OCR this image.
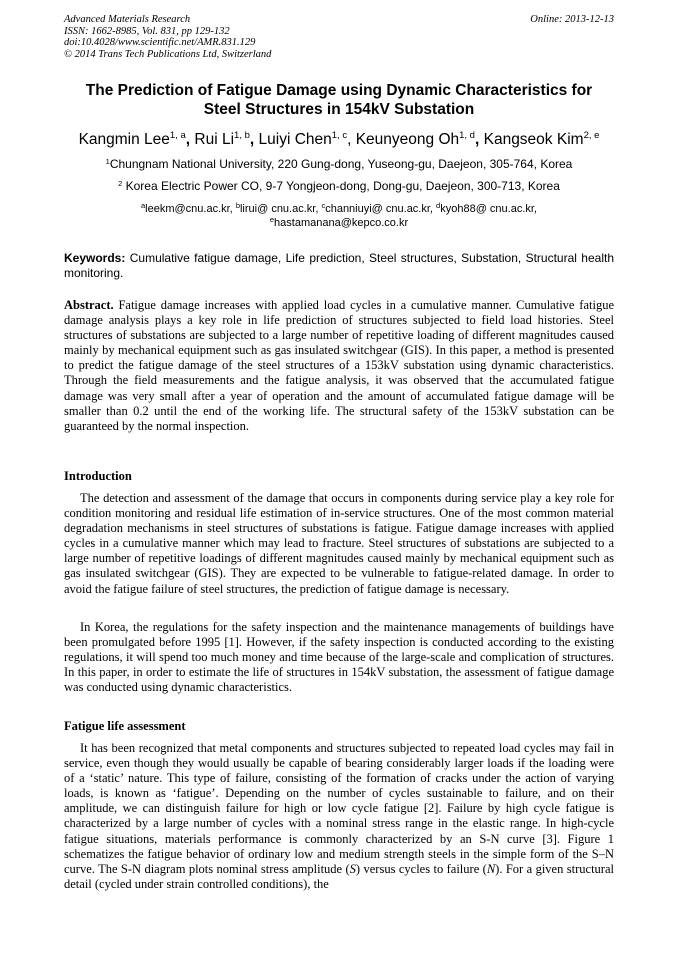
Advanced Materials Research
ISSN: 1662-8985, Vol. 831, pp 129-132
doi:10.4028/www.scientific.net/AMR.831.129
© 2014 Trans Tech Publications Ltd, Switzerland
Online: 2013-12-13
The Prediction of Fatigue Damage using Dynamic Characteristics for
Steel Structures in 154kV Substation
Kangmin Lee$^{1, a}$, Rui Li$^{1, b}$, Luiyi Chen$^{1, c}$, Keunyeong Oh$^{1, d}$, Kangseok Kim$^{2, e}$
$^1$Chungnam National University, 220 Gung-dong, Yuseong-gu, Daejeon, 305-764, Korea
$^2$ Korea Electric Power CO, 9-7 Yongjeon-dong, Dong-gu, Daejeon, 300-713, Korea
$^a$leekm@cnu.ac.kr, $^b$lirui@ cnu.ac.kr, $^c$channiuyi@ cnu.ac.kr, $^d$kyoh88@ cnu.ac.kr,
$^e$hastamanana@kepco.co.kr
Keywords: Cumulative fatigue damage, Life prediction, Steel structures, Substation, Structural health monitoring.
Abstract. Fatigue damage increases with applied load cycles in a cumulative manner. Cumulative fatigue damage analysis plays a key role in life prediction of structures subjected to field load histories. Steel structures of substations are subjected to a large number of repetitive loading of different magnitudes caused mainly by mechanical equipment such as gas insulated switchgear (GIS). In this paper, a method is presented to predict the fatigue damage of the steel structures of a 153kV substation using dynamic characteristics. Through the field measurements and the fatigue analysis, it was observed that the accumulated fatigue damage was very small after a year of operation and the amount of accumulated fatigue damage will be smaller than 0.2 until the end of the working life. The structural safety of the 153kV substation can be guaranteed by the normal inspection.
Introduction
The detection and assessment of the damage that occurs in components during service play a key role for condition monitoring and residual life estimation of in-service structures. One of the most common material degradation mechanisms in steel structures of substations is fatigue. Fatigue damage increases with applied cycles in a cumulative manner which may lead to fracture. Steel structures of substations are subjected to a large number of repetitive loadings of different magnitudes caused mainly by mechanical equipment such as gas insulated switchgear (GIS). They are expected to be vulnerable to fatigue-related damage. In order to avoid the fatigue failure of steel structures, the prediction of fatigue damage is necessary.
In Korea, the regulations for the safety inspection and the maintenance managements of buildings have been promulgated before 1995 [1]. However, if the safety inspection is conducted according to the existing regulations, it will spend too much money and time because of the large-scale and complication of structures. In this paper, in order to estimate the life of structures in 154kV substation, the assessment of fatigue damage was conducted using dynamic characteristics.
Fatigue life assessment
It has been recognized that metal components and structures subjected to repeated load cycles may fail in service, even though they would usually be capable of bearing considerably larger loads if the loading were of a ‘static’ nature. This type of failure, consisting of the formation of cracks under the action of varying loads, is known as ‘fatigue’. Depending on the number of cycles sustainable to failure, and on their amplitude, we can distinguish failure for high or low cycle fatigue [2]. Failure by high cycle fatigue is characterized by a large number of cycles with a nominal stress range in the elastic range. In high-cycle fatigue situations, materials performance is commonly characterized by an S-N curve [3]. Figure 1 schematizes the fatigue behavior of ordinary low and medium strength steels in the simple form of the S–N curve. The S-N diagram plots nominal stress amplitude (S) versus cycles to failure (N). For a given structural detail (cycled under strain controlled conditions), the
